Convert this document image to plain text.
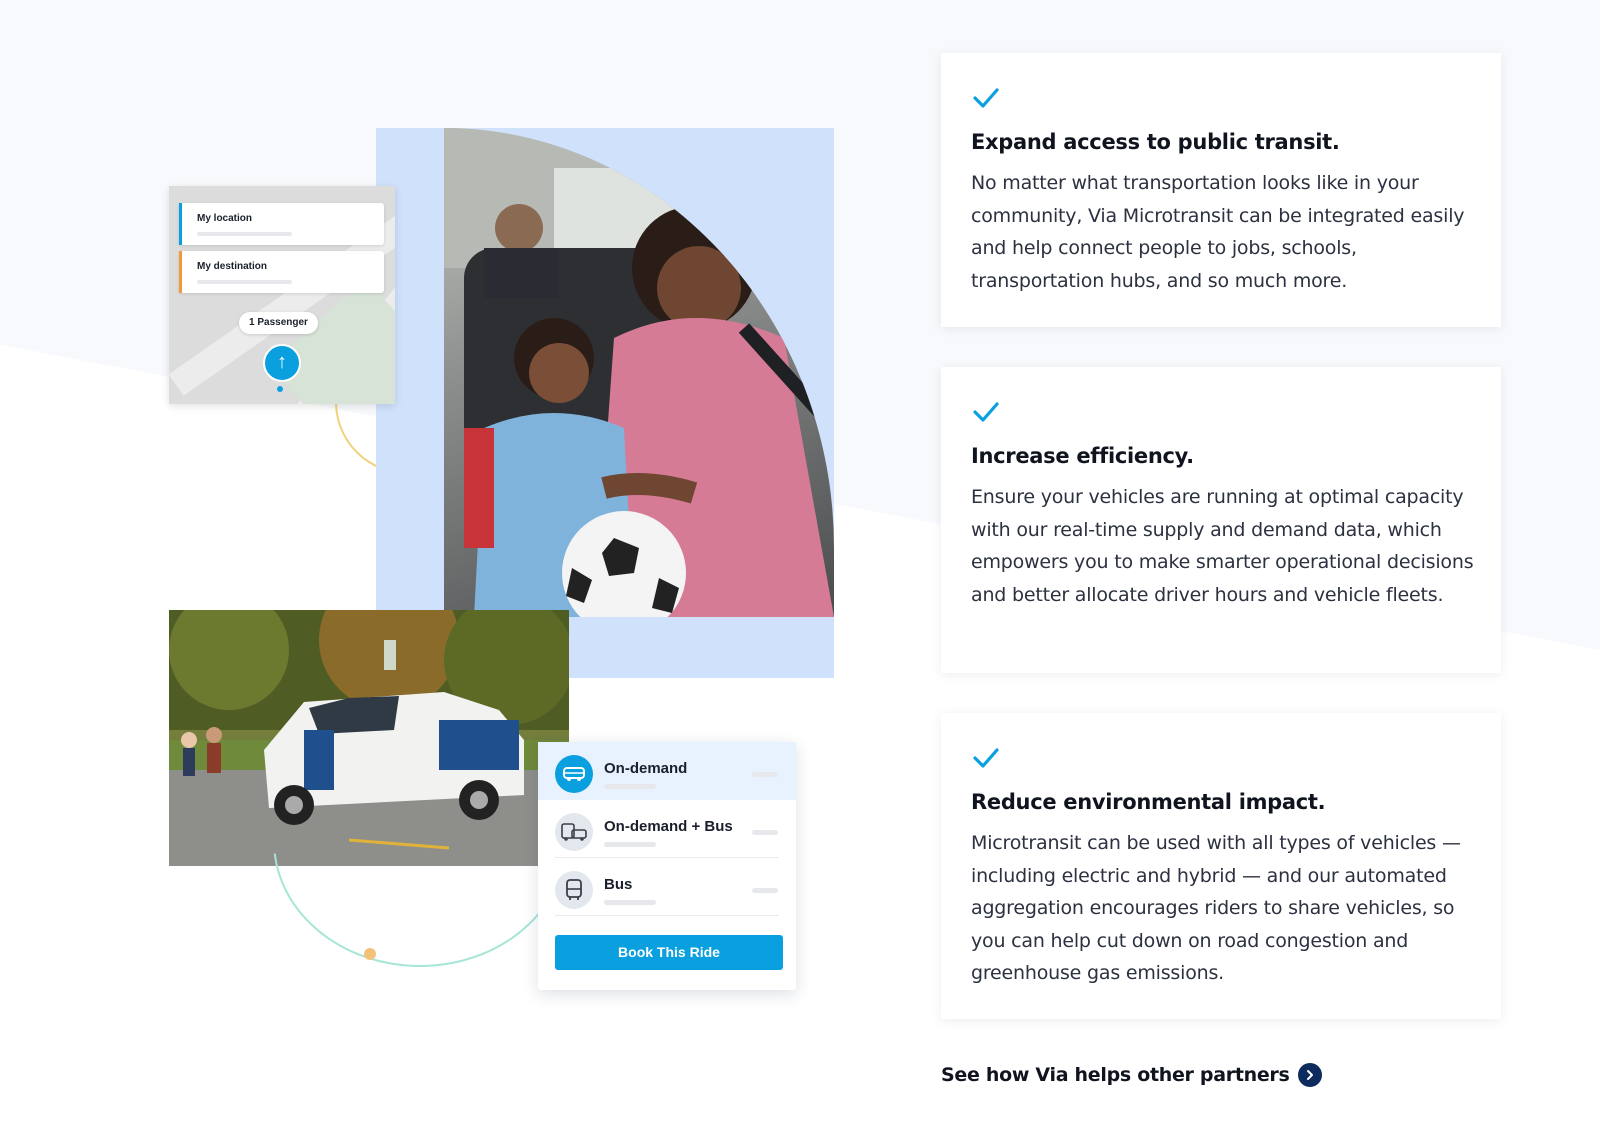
My location
My destination
1 Passenger
↑
On-demand
On-demand + Bus
Bus
Book This Ride
Expand access to public transit.

No matter what transportation looks like in your community, Via Microtransit can be integrated easily and help connect people to jobs, schools, transportation hubs, and so much more.

Increase efficiency.

Ensure your vehicles are running at optimal capacity with our real-time supply and demand data, which empowers you to make smarter operational decisions and better allocate driver hours and vehicle fleets.

Reduce environmental impact.

Microtransit can be used with all types of vehicles — including electric and hybrid — and our automated aggregation encourages riders to share vehicles, so you can help cut down on road congestion and greenhouse gas emissions.

See how Via helps other partners
